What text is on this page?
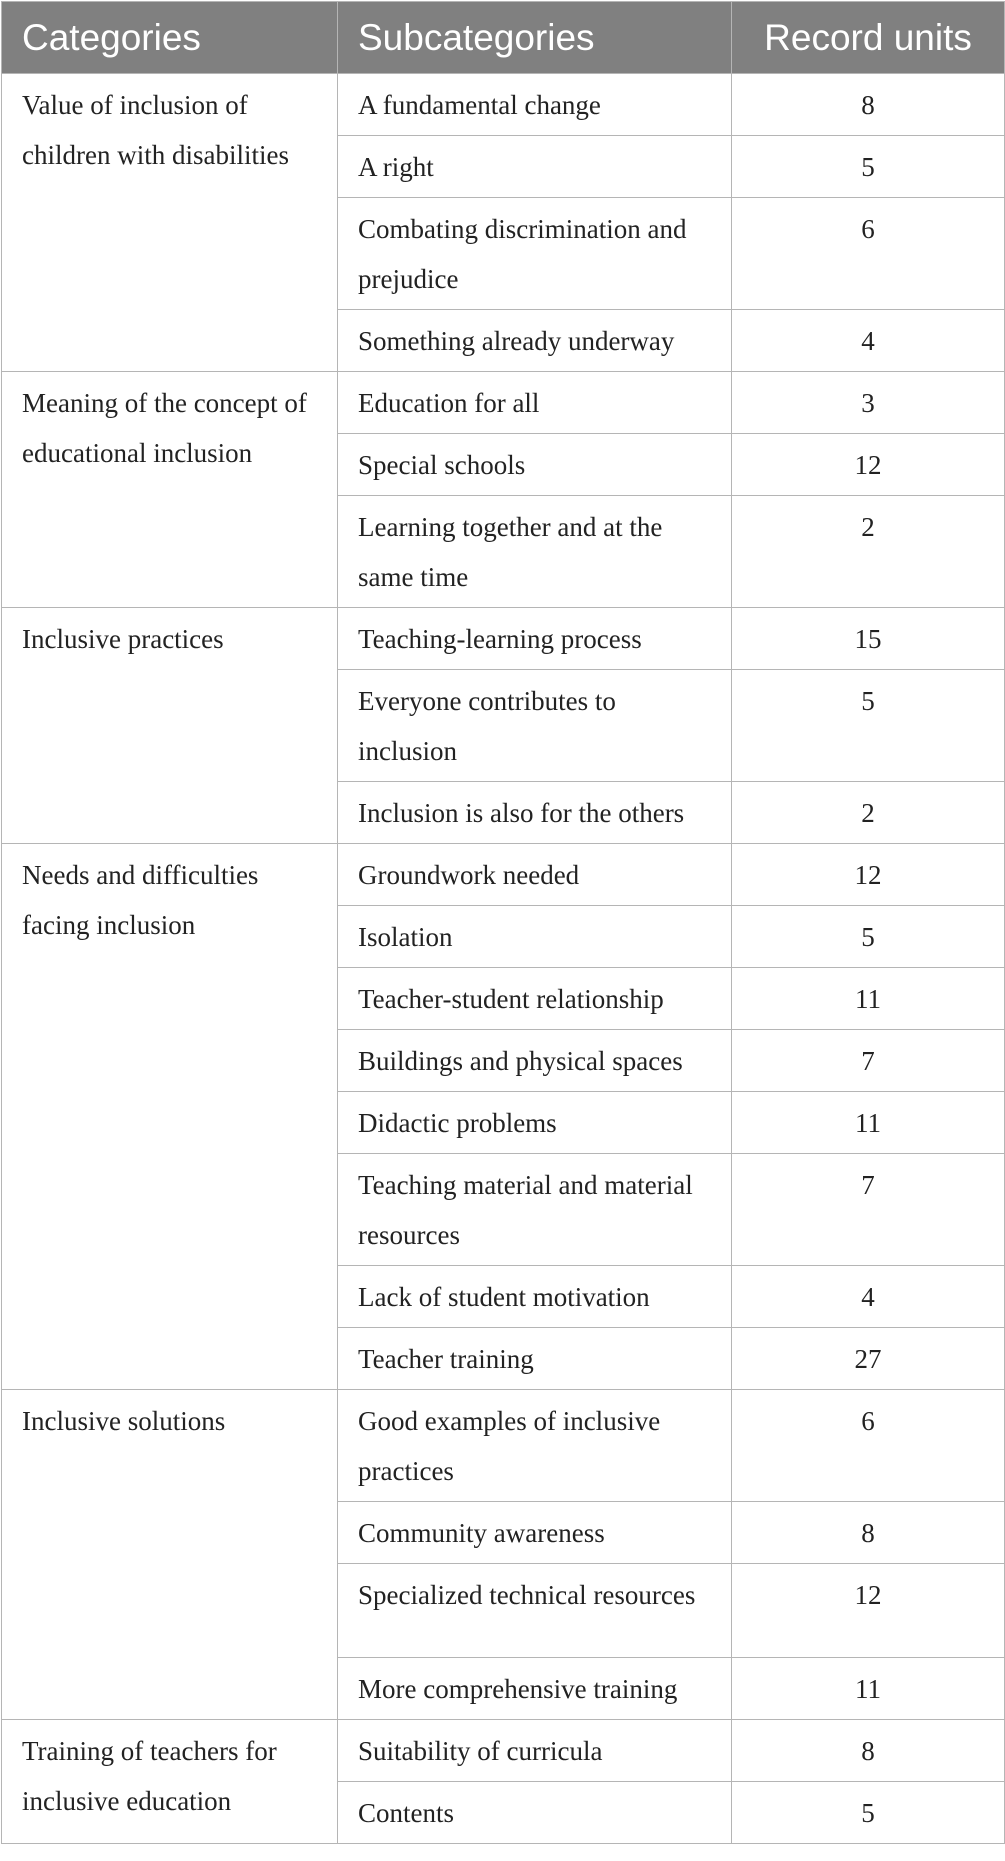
Categories	Subcategories	Record units
Value of inclusion of children with disabilities	A fundamental change	8
	A right	5
	Combating discrimination and prejudice	6
	Something already underway	4
Meaning of the concept of educational inclusion	Education for all	3
	Special schools	12
	Learning together and at the same time	2
Inclusive practices	Teaching-learning process	15
	Everyone contributes to inclusion	5
	Inclusion is also for the others	2
Needs and difficulties facing inclusion	Groundwork needed	12
	Isolation	5
	Teacher-student relationship	11
	Buildings and physical spaces	7
	Didactic problems	11
	Teaching material and material resources	7
	Lack of student motivation	4
	Teacher training	27
Inclusive solutions	Good examples of inclusive practices	6
	Community awareness	8
	Specialized technical resources	12
	More comprehensive training	11
Training of teachers for inclusive education	Suitability of curricula	8
	Contents	5
